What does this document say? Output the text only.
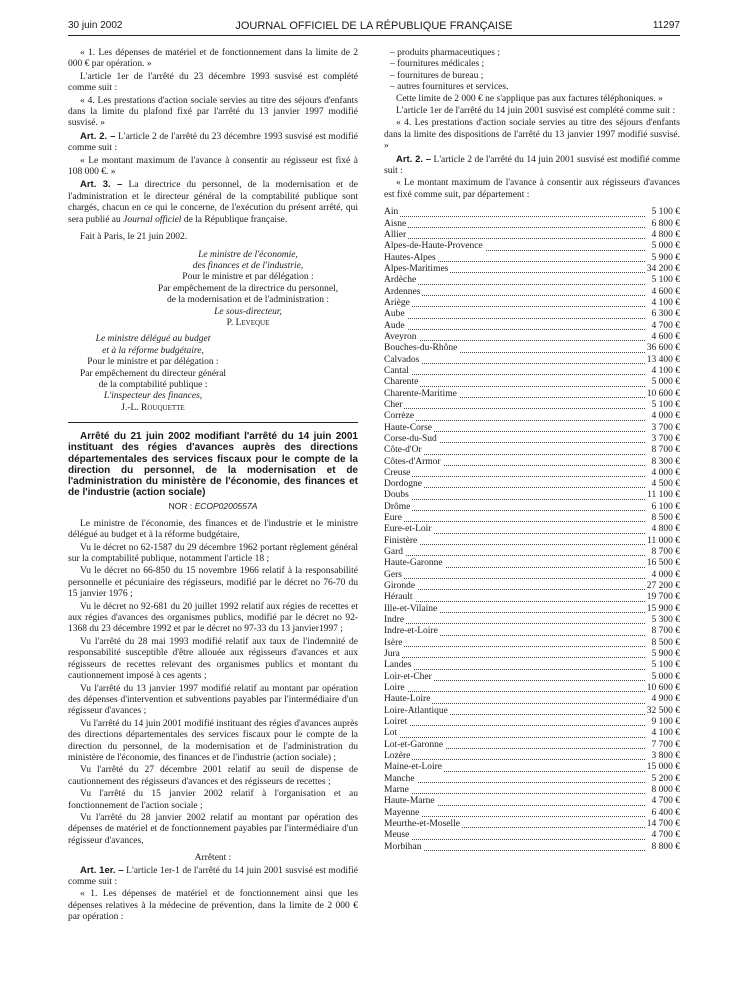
30 juin 2002	JOURNAL OFFICIEL DE LA RÉPUBLIQUE FRANÇAISE	11297

« 1. Les dépenses de matériel et de fonctionnement dans la limite de 2 000 € par opération. »

L'article 1er de l'arrêté du 23 décembre 1993 susvisé est complété comme suit :

« 4. Les prestations d'action sociale servies au titre des séjours d'enfants dans la limite du plafond fixé par l'arrêté du 13 janvier 1997 modifié susvisé. »

Art. 2. – L'article 2 de l'arrêté du 23 décembre 1993 susvisé est modifié comme suit :

« Le montant maximum de l'avance à consentir au régisseur est fixé à 108 000 €. »

Art. 3. – La directrice du personnel, de la modernisation et de l'administration et le directeur général de la comptabilité publique sont chargés, chacun en ce qui le concerne, de l'exécution du présent arrêté, qui sera publié au Journal officiel de la République française.

Fait à Paris, le 21 juin 2002.

Le ministre de l'économie,
des finances et de l'industrie,
Pour le ministre et par délégation :
Par empêchement de la directrice du personnel,
de la modernisation et de l'administration :
Le sous-directeur,
P. Leveque
Le ministre délégué au budget
et à la réforme budgétaire,
Pour le ministre et par délégation :
Par empêchement du directeur général
de la comptabilité publique :
L'inspecteur des finances,
J.-L. Rouquette

Arrêté du 21 juin 2002 modifiant l'arrêté du 14 juin 2001 instituant des régies d'avances auprès des directions départementales des services fiscaux pour le compte de la direction du personnel, de la modernisation et de l'administration du ministère de l'économie, des finances et de l'industrie (action sociale)

NOR : ECOP0200557A

Le ministre de l'économie, des finances et de l'industrie et le ministre délégué au budget et à la réforme budgétaire,

Vu le décret no 62-1587 du 29 décembre 1962 portant règlement général sur la comptabilité publique, notamment l'article 18 ;

Vu le décret no 66-850 du 15 novembre 1966 relatif à la responsabilité personnelle et pécuniaire des régisseurs, modifié par le décret no 76-70 du 15 janvier 1976 ;

Vu le décret no 92-681 du 20 juillet 1992 relatif aux régies de recettes et aux régies d'avances des organismes publics, modifié par le décret no 92-1368 du 23 décembre 1992 et par le décret no 97-33 du 13 janvier1997 ;

Vu l'arrêté du 28 mai 1993 modifié relatif aux taux de l'indemnité de responsabilité susceptible d'être allouée aux régisseurs d'avances et aux régisseurs de recettes relevant des organismes publics et montant du cautionnement imposé à ces agents ;

Vu l'arrêté du 13 janvier 1997 modifié relatif au montant par opération des dépenses d'intervention et subventions payables par l'intermédiaire d'un régisseur d'avances ;

Vu l'arrêté du 14 juin 2001 modifié instituant des régies d'avances auprès des directions départementales des services fiscaux pour le compte de la direction du personnel, de la modernisation et de l'administration du ministère de l'économie, des finances et de l'industrie (action sociale) ;

Vu l'arrêté du 27 décembre 2001 relatif au seuil de dispense de cautionnement des régisseurs d'avances et des régisseurs de recettes ;

Vu l'arrêté du 15 janvier 2002 relatif à l'organisation et au fonctionnement de l'action sociale ;

Vu l'arrêté du 28 janvier 2002 relatif au montant par opération des dépenses de matériel et de fonctionnement payables par l'intermédiaire d'un régisseur d'avances,

Arrêtent :

Art. 1er. – L'article 1er-1 de l'arrêté du 14 juin 2001 susvisé est modifié comme suit :

« 1. Les dépenses de matériel et de fonctionnement ainsi que les dépenses relatives à la médecine de prévention, dans la limite de 2 000 € par opération :

– produits pharmaceutiques ;
– fournitures médicales ;
– fournitures de bureau ;
– autres fournitures et services.

Cette limite de 2 000 € ne s'applique pas aux factures téléphoniques. »

L'article 1er de l'arrêté du 14 juin 2001 susvisé est complété comme suit :

« 4. Les prestations d'action sociale servies au titre des séjours d'enfants dans la limite des dispositions de l'arrêté du 13 janvier 1997 modifié susvisé. »

Art. 2. – L'article 2 de l'arrêté du 14 juin 2001 susvisé est modifié comme suit :

« Le montant maximum de l'avance à consentir aux régisseurs d'avances est fixé comme suit, par département :

Ain	5 100 €

Aisne	6 800 €

Allier	4 800 €

Alpes-de-Haute-Provence	5 000 €

Hautes-Alpes	5 900 €

Alpes-Maritimes	34 200 €

Ardèche	5 100 €

Ardennes	4 600 €

Ariège	4 100 €

Aube	6 300 €

Aude	4 700 €

Aveyron	4 600 €

Bouches-du-Rhône	36 600 €

Calvados	13 400 €

Cantal	4 100 €

Charente	5 000 €

Charente-Maritime	10 600 €

Cher	5 100 €

Corrèze	4 000 €

Haute-Corse	3 700 €

Corse-du-Sud	3 700 €

Côte-d'Or	8 700 €

Côtes-d'Armor	8 300 €

Creuse	4 000 €

Dordogne	4 500 €

Doubs	11 100 €

Drôme	6 100 €

Eure	8 500 €

Eure-et-Loir	4 800 €

Finistère	11 000 €

Gard	8 700 €

Haute-Garonne	16 500 €

Gers	4 000 €

Gironde	27 200 €

Hérault	19 700 €

Ille-et-Vilaine	15 900 €

Indre	5 300 €

Indre-et-Loire	8 700 €

Isère	8 500 €

Jura	5 900 €

Landes	5 100 €

Loir-et-Cher	5 000 €

Loire	10 600 €

Haute-Loire	4 900 €

Loire-Atlantique	32 500 €

Loiret	9 100 €

Lot	4 100 €

Lot-et-Garonne	7 700 €

Lozère	3 800 €

Maine-et-Loire	15 000 €

Manche	5 200 €

Marne	8 000 €

Haute-Marne	4 700 €

Mayenne	6 400 €

Meurthe-et-Moselle	14 700 €

Meuse	4 700 €

Morbihan	8 800 €
